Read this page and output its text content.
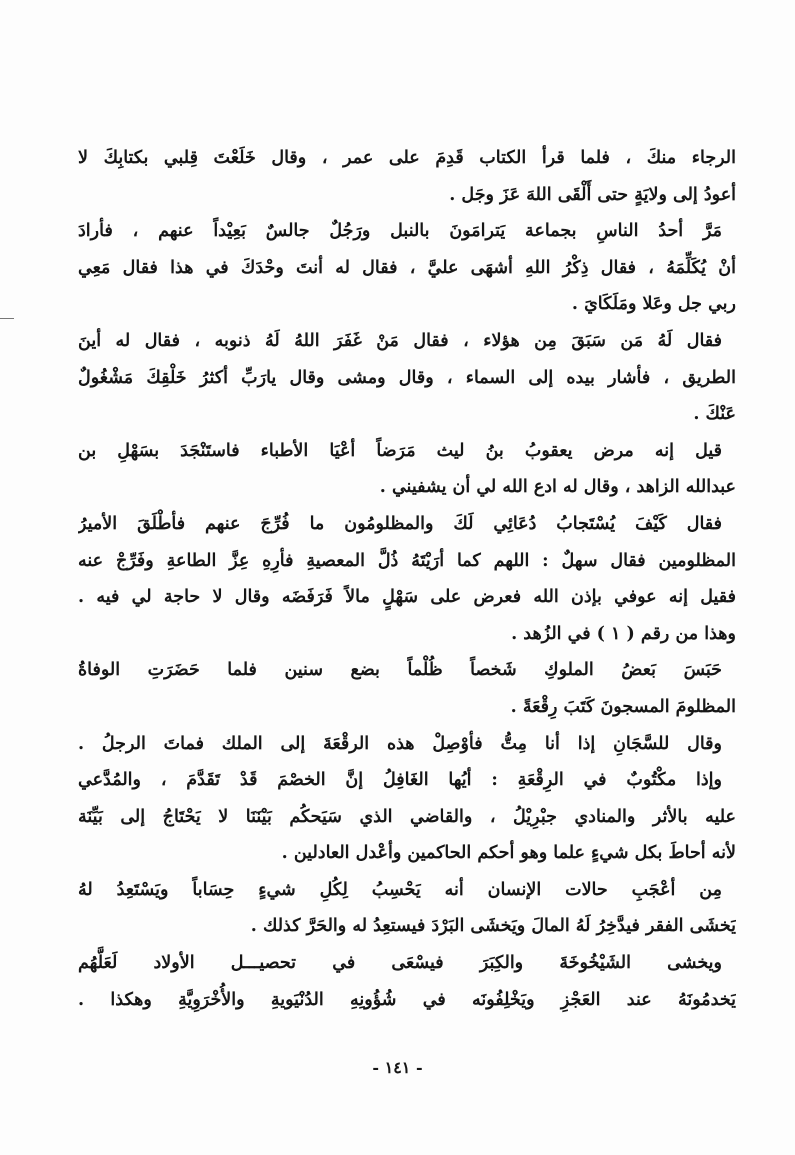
الرجاء منكَ ، فلما قرأ الكتاب قَدِمَ على عمر ، وقال خَلَعْتَ قِلبي بكتابِكَ لا
أعودُ إلى ولايَةٍ حتى أَلْقَى اللهَ عَزَ وجَل .
مَرَّ أحدُ الناسِ بجماعة يَترامَونَ بالنبل ورَجُلٌ جالسٌ بَعِيْداً عنهم ، فأرادَ
أنْ يُكَلِّمَهُ ، فقال ذِكْرُ اللهِ أشهَى عليَّ ، فقال له أنتَ وحْدَكَ في هذا فقال مَعِي
ربي جل وعَلا ومَلَكَايَ .
فقال لَهُ مَن سَبَقَ مِن هؤلاء ، فقال مَنْ غَفَرَ اللهُ لَهُ ذنوبه ، فقال له أينَ
الطريق ، فأشار بيده إلى السماء ، وقال ومشى وقال يارَبِّ أكثرُ خَلْقِكَ مَشْغُولٌ
عَنْكَ .
قيل إنه مرض يعقوبُ بنُ ليث مَرَضاً أعْيَا الأطباء فاستَنْجَدَ بسَهْلِ بن
عبدالله الزاهد ، وقال له ادع الله لي أن يشفيني .
فقال كَيْفَ يُسْتَجابُ دُعَائِي لَكَ والمظلومُون ما فُرِّجَ عنهم فأطْلَقَ الأميرُ
المظلومين فقال سهلٌ : اللهم كما أرَيْتَهُ ذُلَّ المعصيةِ فأرِهِ عِزَّ الطاعةِ وفَرِّجْ عنه
فقيل إنه عوفي بإذن الله فعرض على سَهْلٍ مالاً فَرَفَضَه وقال لا حاجة لي فيه .
وهذا من رقم ( ١ ) في الزُهد .
حَبَسَ بَعضُ الملوكِ شَخصاً ظُلْماً بضع سنين فلما حَضَرَتِ الوفاةُ
المظلومَ المسجونَ كَتَبَ رِقْعَةً .
وقال للسَّجَانِ إذا أنا مِتُّ فأوْصِلْ هذه الرقْعَةَ إلى الملك فماتَ الرجلُ .
وإذا مكْتُوبٌ في الرِقْعَةِ : أيُها الغَافِلُ إنَّ الخصْمَ قَدْ تَقَدَّمَ ، والمُدَّعي
عليه بالأثر والمنادي جبْرِيْلُ ، والقاضي الذي سَيَحكُم بَيْنَنَا لا يَحْتَاجُ إلى بَيِّنَة
لأنه أحاطَ بكل شيءٍ علما وهو أحكم الحاكمين وأعْدل العادلين .
مِن أعْجَبِ حالات الإنسان أنه يَحْسِبُ لِكُلِ شيءٍ حِسَاباً ويَسْتَعِدُ لهُ
يَخشَى الفقر فيدَّخِرُ لَهُ المالَ ويَخشَى البَرْدَ فيستعِدُ له والحَرَّ كذلك .
ويخشى الشَيْخُوخَةَ والكِبَرَ فيسْعَى في تحصيـــل الأولاد لَعَلَّهُم
يَخدمُونَهُ عند العَجْزِ ويَخْلِفُونَه في شُؤُونِهِ الدُنْيَويةِ والأُخْرَوِيَّةِ وهكذا .
- ١٤١ -
